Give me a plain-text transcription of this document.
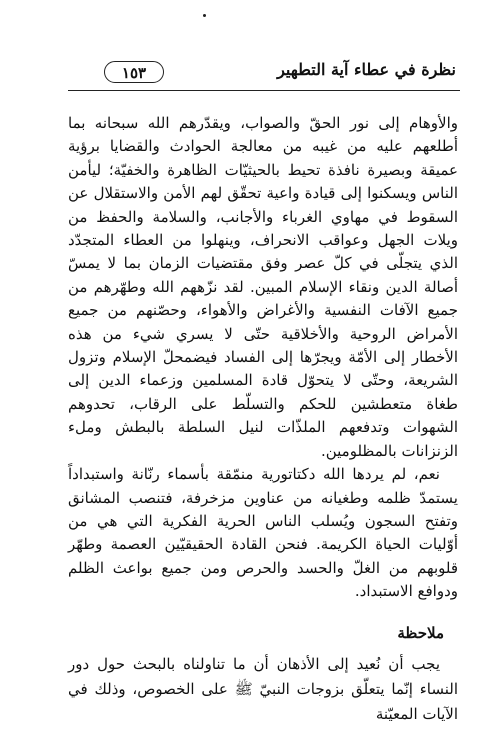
نظرة في عطاء آية التطهير
١٥٣

والأوهام إلى نور الحقّ والصواب، ويقدّرهم الله سبحانه بما أطلعهم عليه من غيبه من معالجة الحوادث والقضايا برؤية عميقة وبصيرة نافذة تحيط بالحيثيّات الظاهرة والخفيّة؛ ليأمن الناس ويسكنوا إلى قيادة واعية تحقّق لهم الأمن والاستقلال عن السقوط في مهاوي الغرباء والأجانب، والسلامة والحفظ من ويلات الجهل وعواقب الانحراف، وينهلوا من العطاء المتجدّد الذي يتجلّى في كلّ عصر وفق مقتضيات الزمان بما لا يمسّ أصالة الدين ونقاء الإسلام المبين. لقد نزّههم الله وطهّرهم من جميع الآفات النفسية والأغراض والأهواء، وحصّنهم من جميع الأمراض الروحية والأخلاقية حتّى لا يسري شيء من هذه الأخطار إلى الأمّة ويجرّها إلى الفساد فيضمحلّ الإسلام وتزول الشريعة، وحتّى لا يتحوّل قادة المسلمين وزعماء الدين إلى طغاة متعطشين للحكم والتسلّط على الرقاب، تحدوهم الشهوات وتدفعهم الملذّات لنيل السلطة بالبطش وملء الزنزانات بالمظلومين.

نعم، لم يردها الله دكتاتورية منمّقة بأسماء رنّانة واستبداداً يستمدّ ظلمه وطغيانه من عناوين مزخرفة، فتنصب المشانق وتفتح السجون ويُسلب الناس الحرية الفكرية التي هي من أوّليات الحياة الكريمة. فنحن القادة الحقيقيّين العصمة وطهّر قلوبهم من الغلّ والحسد والحرص ومن جميع بواعث الظلم ودوافع الاستبداد.

ملاحظة

يجب أن نُعيد إلى الأذهان أن ما تناولناه بالبحث حول دور النساء إنّما يتعلّق بزوجات النبيّ ﷺ على الخصوص، وذلك في الآيات المعيّنة
